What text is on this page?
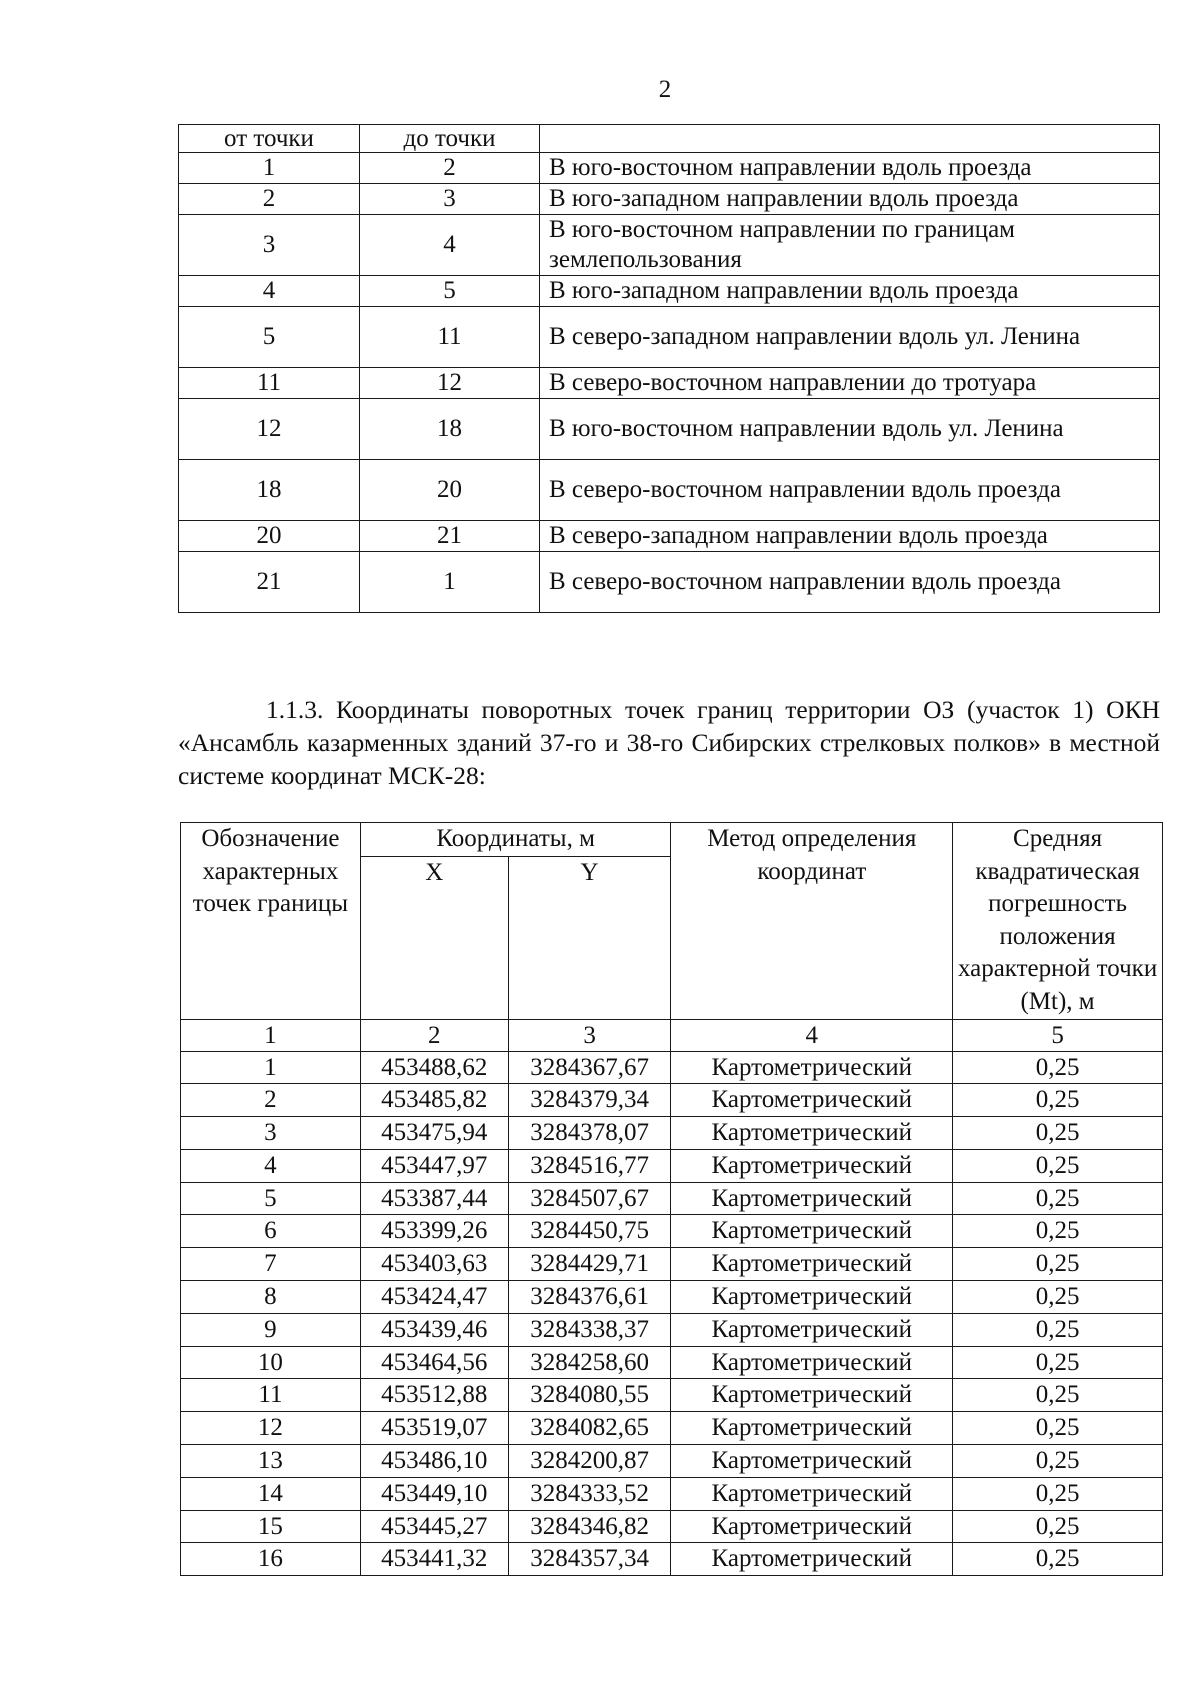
2
от точки	до точки	
1	2	В юго-восточном направлении вдоль проезда
2	3	В юго-западном направлении вдоль проезда
3	4	В юго-восточном направлении по границам землепользования
4	5	В юго-западном направлении вдоль проезда
5	11	В северо-западном направлении вдоль ул. Ленина
11	12	В северо-восточном направлении до тротуара
12	18	В юго-восточном направлении вдоль ул. Ленина
18	20	В северо-восточном направлении вдоль проезда
20	21	В северо-западном направлении вдоль проезда
21	1	В северо-восточном направлении вдоль проезда
1.1.3. Координаты поворотных точек границ территории ОЗ (участок 1) ОКН «Ансамбль казарменных зданий 37-го и 38-го Сибирских стрелковых полков» в местной системе координат МСК-28:
Обозначение характерных точек границы	Координаты, м		Метод определения координат	Средняя квадратическая погрешность положения характерной точки (Mt), м
	X	Y		
1	2	3	4	5
1	453488,62	3284367,67	Картометрический	0,25
2	453485,82	3284379,34	Картометрический	0,25
3	453475,94	3284378,07	Картометрический	0,25
4	453447,97	3284516,77	Картометрический	0,25
5	453387,44	3284507,67	Картометрический	0,25
6	453399,26	3284450,75	Картометрический	0,25
7	453403,63	3284429,71	Картометрический	0,25
8	453424,47	3284376,61	Картометрический	0,25
9	453439,46	3284338,37	Картометрический	0,25
10	453464,56	3284258,60	Картометрический	0,25
11	453512,88	3284080,55	Картометрический	0,25
12	453519,07	3284082,65	Картометрический	0,25
13	453486,10	3284200,87	Картометрический	0,25
14	453449,10	3284333,52	Картометрический	0,25
15	453445,27	3284346,82	Картометрический	0,25
16	453441,32	3284357,34	Картометрический	0,25
